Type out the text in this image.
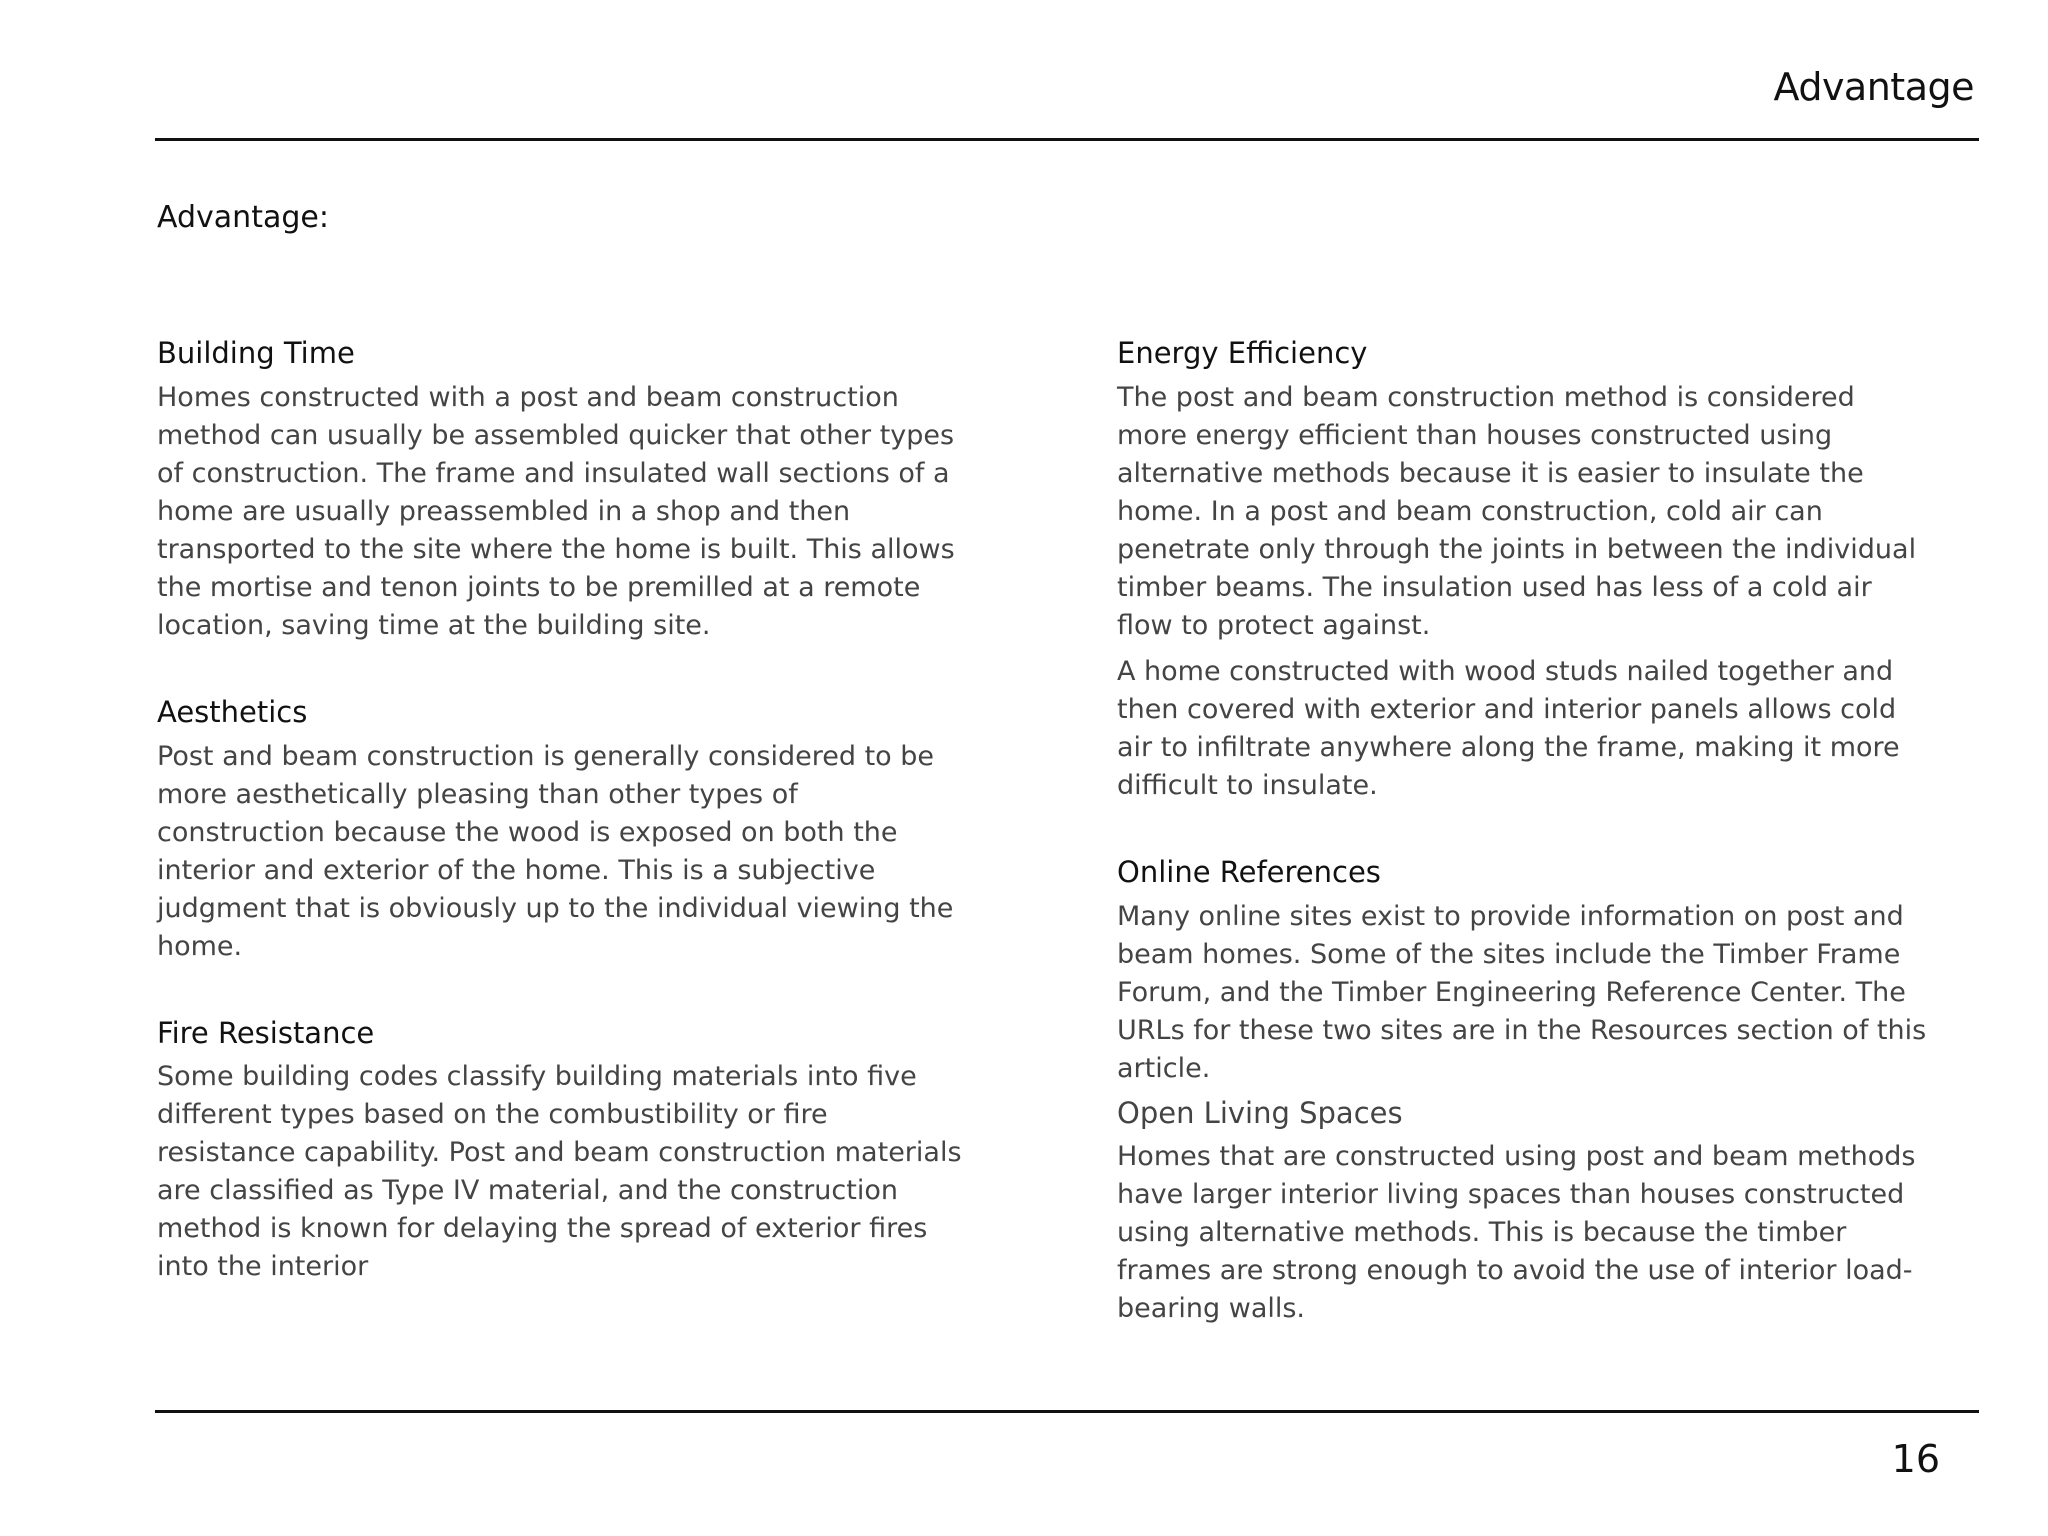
Advantage
Advantage:
Building Time

Homes constructed with a post and beam construction method can usually be assembled quicker that other types of construction. The frame and insulated wall sections of a home are usually preassembled in a shop and then transported to the site where the home is built. This allows the mortise and tenon joints to be premilled at a remote location, saving time at the building site.

Aesthetics

Post and beam construction is generally considered to be more aesthetically pleasing than other types of construction because the wood is exposed on both the interior and exterior of the home. This is a subjective judgment that is obviously up to the individual viewing the home.

Fire Resistance

Some building codes classify building materials into five different types based on the combustibility or fire resistance capability. Post and beam construction materials are classified as Type IV material, and the construction method is known for delaying the spread of exterior fires into the interior

Energy Efficiency

The post and beam construction method is considered more energy efficient than houses constructed using alternative methods because it is easier to insulate the home. In a post and beam construction, cold air can penetrate only through the joints in between the individual timber beams. The insulation used has less of a cold air flow to protect against.

A home constructed with wood studs nailed together and then covered with exterior and interior panels allows cold air to infiltrate anywhere along the frame, making it more difficult to insulate.

Online References

Many online sites exist to provide information on post and beam homes. Some of the sites include the Timber Frame Forum, and the Timber Engineering Reference Center. The URLs for these two sites are in the Resources section of this article.

Open Living Spaces

Homes that are constructed using post and beam methods have larger interior living spaces than houses constructed using alternative methods. This is because the timber frames are strong enough to avoid the use of interior load-bearing walls.

16
